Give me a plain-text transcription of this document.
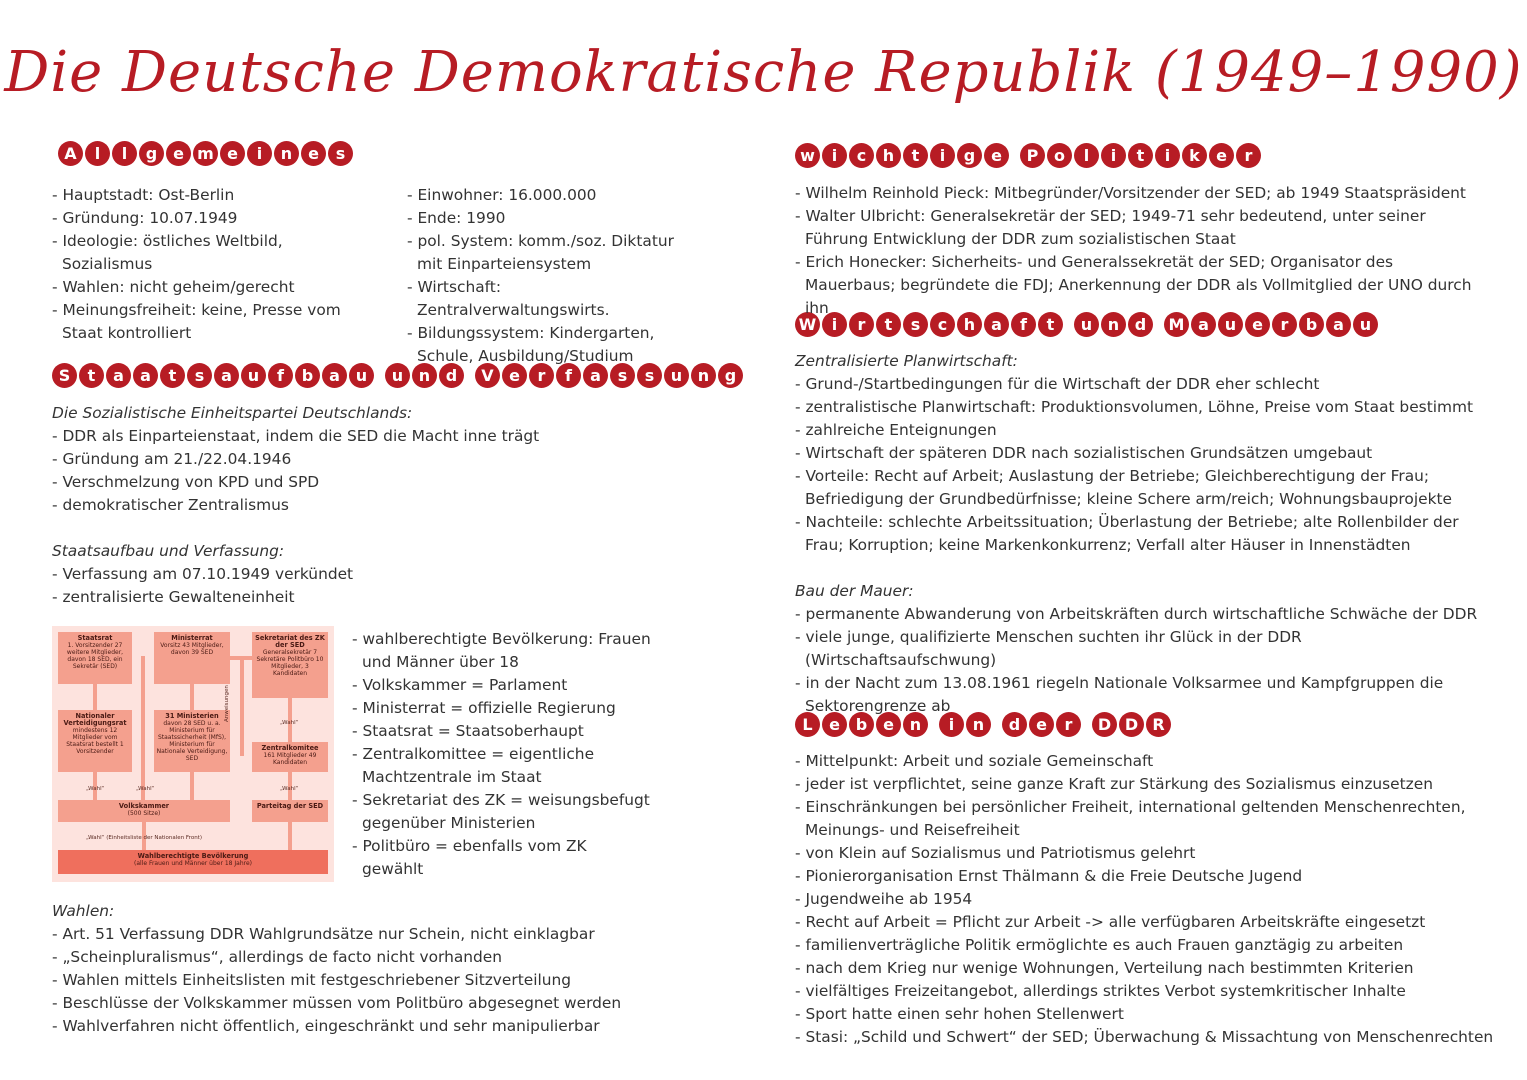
Die Deutsche Demokratische Republik (1949–1990)
A	l	l	g e m e	i	n e	s
S	t	a	a	t	s	a u	f	b a u	u n d	V e	r	f	a	s	s	u n g
w	i	c	h	t	i	g e	P o	l	i	t	i	k	e	r
W i	r	t	s	c	h a	f	t	u n d	M a u e	r	b a u
L	e b e n	i	n	d e	r	D D R
- Hauptstadt: Ost-Berlin
- Gründung: 10.07.1949
- Ideologie: östliches Weltbild, Sozialismus
- Wahlen: nicht geheim/gerecht
- Meinungsfreiheit: keine, Presse vom Staat kontrolliert
- Einwohner: 16.000.000
- Ende: 1990
- pol. System: komm./soz. Diktatur mit Einparteiensystem
- Wirtschaft: Zentralverwaltungswirts.
- Bildungssystem: Kindergarten, Schule, Ausbildung/Studium
Die Sozialistische Einheitspartei Deutschlands:
- DDR als Einparteienstaat, indem die SED die Macht inne trägt
- Gründung am 21./22.04.1946
- Verschmelzung von KPD und SPD
- demokratischer Zentralismus
Staatsaufbau und Verfassung:
- Verfassung am 07.10.1949 verkündet
- zentralisierte Gewalteneinheit
Staatsrat
1. Vorsitzender 27 weitere Mitglieder, davon 18 SED, ein Sekretär (SED)
Ministerrat
Vorsitz 43 Mitglieder, davon 39 SED
Sekretariat des ZK der SED
Generalsekretär 7 Sekretäre Politbüro 10 Mitglieder, 3 Kandidaten
Nationaler Verteidigungsrat
mindestens 12 Mitglieder vom Staatsrat bestellt 1 Vorsitzender
31 Ministerien
davon 28 SED u. a. Ministerium für Staatssicherheit (MfS), Ministerium für Nationale Verteidigung, SED
Zentralkomitee
161 Mitglieder 49 Kandidaten
Volkskammer
(500 Sitze)
Parteitag der SED
Wahlberechtigte Bevölkerung
(alle Frauen und Männer über 18 Jahre)
„Wahl“	„Wahl“	„Wahl“
„Wahl“
„Wahl“ (Einheitsliste der Nationalen Front)
Anweisungen
- wahlberechtigte Bevölkerung: Frauen und Männer über 18
- Volkskammer = Parlament
- Ministerrat = offizielle Regierung
- Staatsrat = Staatsoberhaupt
- Zentralkomittee = eigentliche Machtzentrale im Staat
- Sekretariat des ZK = weisungsbefugt gegenüber Ministerien
- Politbüro = ebenfalls vom ZK gewählt
Wahlen:
- Art. 51 Verfassung DDR Wahlgrundsätze nur Schein, nicht einklagbar
- „Scheinpluralismus“, allerdings de facto nicht vorhanden
- Wahlen mittels Einheitslisten mit festgeschriebener Sitzverteilung
- Beschlüsse der Volkskammer müssen vom Politbüro abgesegnet werden
- Wahlverfahren nicht öffentlich, eingeschränkt und sehr manipulierbar
- Wilhelm Reinhold Pieck: Mitbegründer/Vorsitzender der SED; ab 1949 Staatspräsident
- Walter Ulbricht: Generalsekretär der SED; 1949-71 sehr bedeutend, unter seiner Führung Entwicklung der DDR zum sozialistischen Staat
- Erich Honecker: Sicherheits- und Generalssekretät der SED; Organisator des Mauerbaus; begründete die FDJ; Anerkennung der DDR als Vollmitglied der UNO durch ihn
Zentralisierte Planwirtschaft:
- Grund-/Startbedingungen für die Wirtschaft der DDR eher schlecht
- zentralistische Planwirtschaft: Produktionsvolumen, Löhne, Preise vom Staat bestimmt
- zahlreiche Enteignungen
- Wirtschaft der späteren DDR nach sozialistischen Grundsätzen umgebaut
- Vorteile: Recht auf Arbeit; Auslastung der Betriebe; Gleichberechtigung der Frau; Befriedigung der Grundbedürfnisse; kleine Schere arm/reich; Wohnungsbauprojekte
- Nachteile: schlechte Arbeitssituation; Überlastung der Betriebe; alte Rollenbilder der Frau; Korruption; keine Markenkonkurrenz; Verfall alter Häuser in Innenstädten
Bau der Mauer:
- permanente Abwanderung von Arbeitskräften durch wirtschaftliche Schwäche der DDR
- viele junge, qualifizierte Menschen suchten ihr Glück in der DDR (Wirtschaftsaufschwung)
- in der Nacht zum 13.08.1961 riegeln Nationale Volksarmee und Kampfgruppen die Sektorengrenze ab
- Mittelpunkt: Arbeit und soziale Gemeinschaft
- jeder ist verpflichtet, seine ganze Kraft zur Stärkung des Sozialismus einzusetzen
- Einschränkungen bei persönlicher Freiheit, international geltenden Menschenrechten, Meinungs- und Reisefreiheit
- von Klein auf Sozialismus und Patriotismus gelehrt
- Pionierorganisation Ernst Thälmann & die Freie Deutsche Jugend
- Jugendweihe ab 1954
- Recht auf Arbeit = Pflicht zur Arbeit -> alle verfügbaren Arbeitskräfte eingesetzt
- familienverträgliche Politik ermöglichte es auch Frauen ganztägig zu arbeiten
- nach dem Krieg nur wenige Wohnungen, Verteilung nach bestimmten Kriterien
- vielfältiges Freizeitangebot, allerdings striktes Verbot systemkritischer Inhalte
- Sport hatte einen sehr hohen Stellenwert
- Stasi: „Schild und Schwert“ der SED; Überwachung & Missachtung von Menschenrechten
